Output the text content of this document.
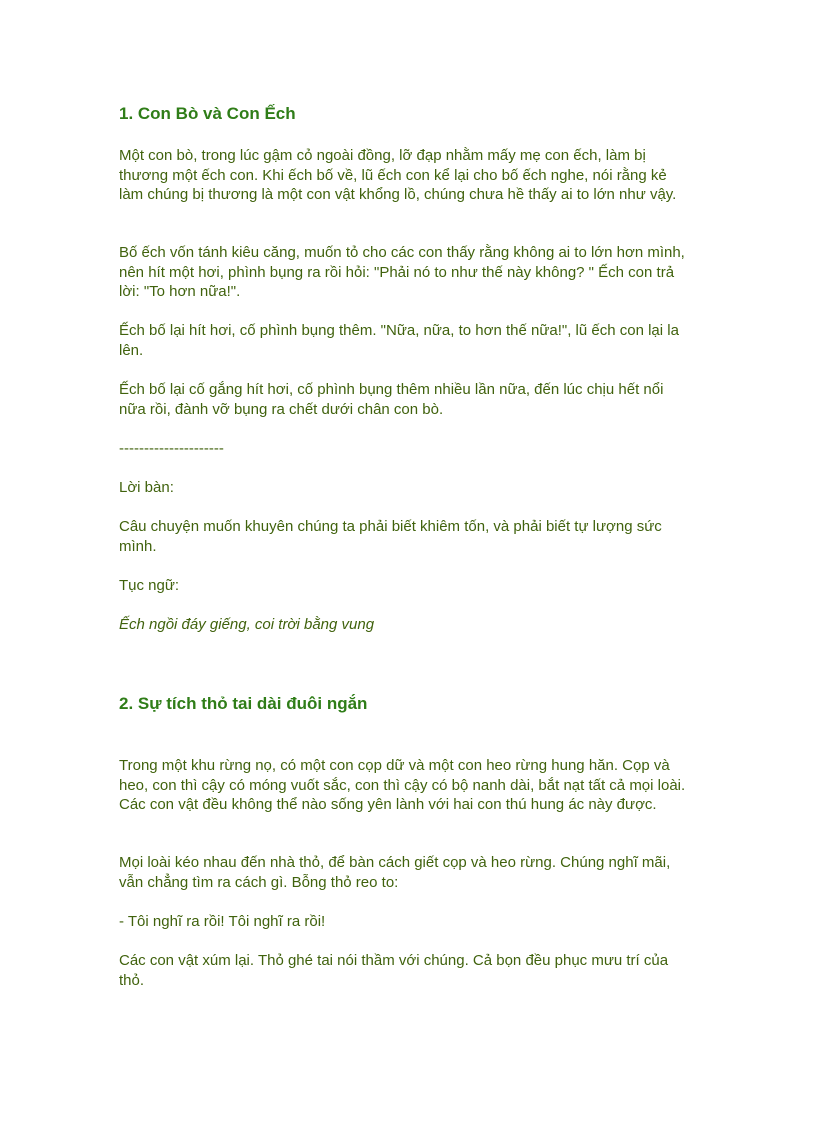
1. Con Bò và Con Ếch

Một con bò, trong lúc gậm cỏ ngoài đồng, lỡ đạp nhằm mấy mẹ con ếch, làm bị thương một ếch con. Khi ếch bố về, lũ ếch con kể lại cho bố ếch nghe, nói rằng kẻ làm chúng bị thương là một con vật khổng lồ, chúng chưa hề thấy ai to lớn như vậy.

Bố ếch vốn tánh kiêu căng, muốn tỏ cho các con thấy rằng không ai to lớn hơn mình, nên hít một hơi, phình bụng ra rồi hỏi: "Phải nó to như thế này không? " Ếch con trả lời: "To hơn nữa!".

Ếch bố lại hít hơi, cố phình bụng thêm. "Nữa, nữa, to hơn thế nữa!", lũ ếch con lại la lên.

Ếch bố lại cố gắng hít hơi, cố phình bụng thêm nhiều lần nữa, đến lúc chịu hết nổi nữa rồi, đành vỡ bụng ra chết dưới chân con bò.

---------------------

Lời bàn:

Câu chuyện muốn khuyên chúng ta phải biết khiêm tốn, và phải biết tự lượng sức mình.

Tục ngữ:

Ếch ngồi đáy giếng, coi trời bằng vung

2. Sự tích thỏ tai dài đuôi ngắn

Trong một khu rừng nọ, có một con cọp dữ và một con heo rừng hung hăn. Cọp và heo, con thì cậy có móng vuốt sắc, con thì cậy có bộ nanh dài, bắt nạt tất cả mọi loài. Các con vật đều không thể nào sống yên lành với hai con thú hung ác này được.

Mọi loài kéo nhau đến nhà thỏ, để bàn cách giết cọp và heo rừng. Chúng nghĩ mãi, vẫn chẳng tìm ra cách gì. Bỗng thỏ reo to:

- Tôi nghĩ ra rồi! Tôi nghĩ ra rồi!

Các con vật xúm lại. Thỏ ghé tai nói thầm với chúng. Cả bọn đều phục mưu trí của thỏ.
